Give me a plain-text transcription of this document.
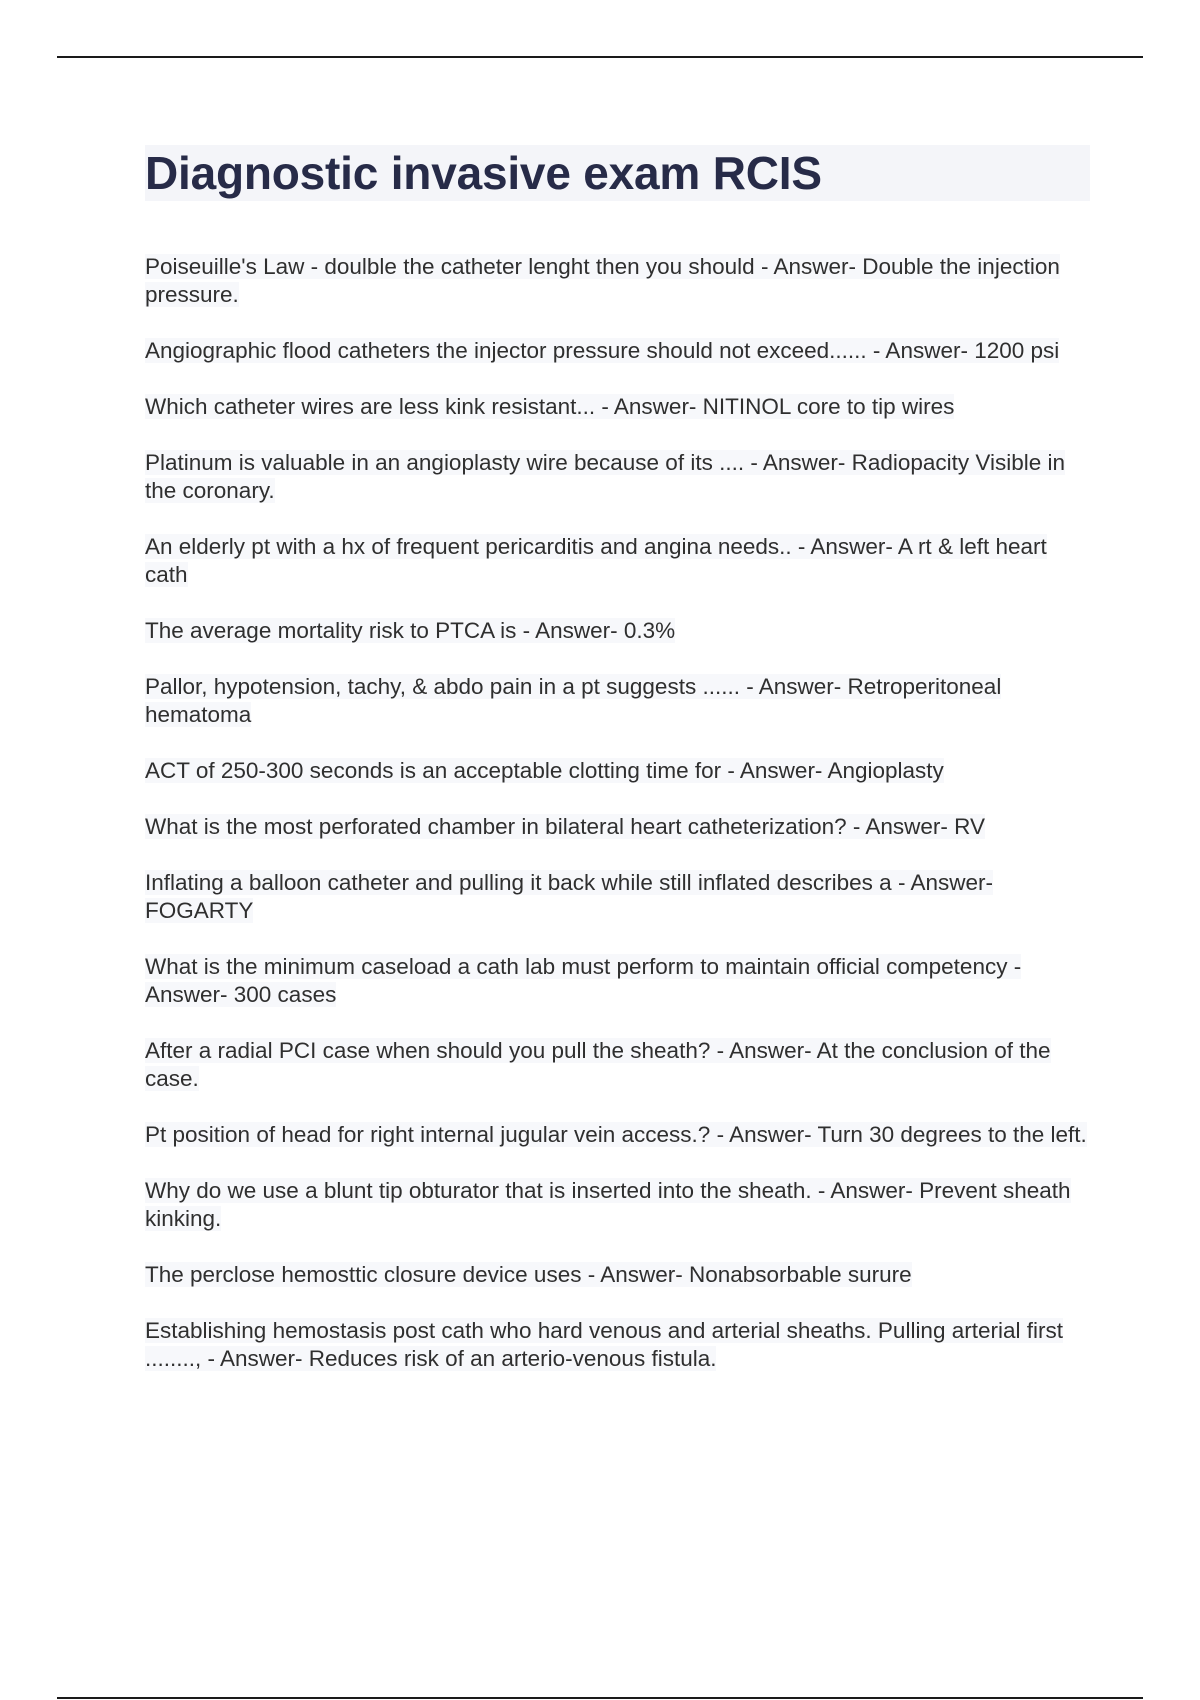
Diagnostic invasive exam RCIS
Poiseuille's Law - doulble the catheter lenght then you should - Answer- Double the injection pressure.
Angiographic flood catheters the injector pressure should not exceed...... - Answer- 1200 psi
Which catheter wires are less kink resistant... - Answer- NITINOL core to tip wires
Platinum is valuable in an angioplasty wire because of its .... - Answer- Radiopacity Visible in the coronary.
An elderly pt with a hx of frequent pericarditis and angina needs.. - Answer- A rt & left heart cath
The average mortality risk to PTCA is - Answer- 0.3%
Pallor, hypotension, tachy, & abdo pain in a pt suggests ...... - Answer- Retroperitoneal hematoma
ACT of 250-300 seconds is an acceptable clotting time for - Answer- Angioplasty
What is the most perforated chamber in bilateral heart catheterization? - Answer- RV
Inflating a balloon catheter and pulling it back while still inflated describes a - Answer- FOGARTY
What is the minimum caseload a cath lab must perform to maintain official competency - Answer- 300 cases
After a radial PCI case when should you pull the sheath? - Answer- At the conclusion of the case.
Pt position of head for right internal jugular vein access.? - Answer- Turn 30 degrees to the left.
Why do we use a blunt tip obturator that is inserted into the sheath. - Answer- Prevent sheath kinking.
The perclose hemosttic closure device uses - Answer- Nonabsorbable surure
Establishing hemostasis post cath who hard venous and arterial sheaths. Pulling arterial first ........, - Answer- Reduces risk of an arterio-venous fistula.
